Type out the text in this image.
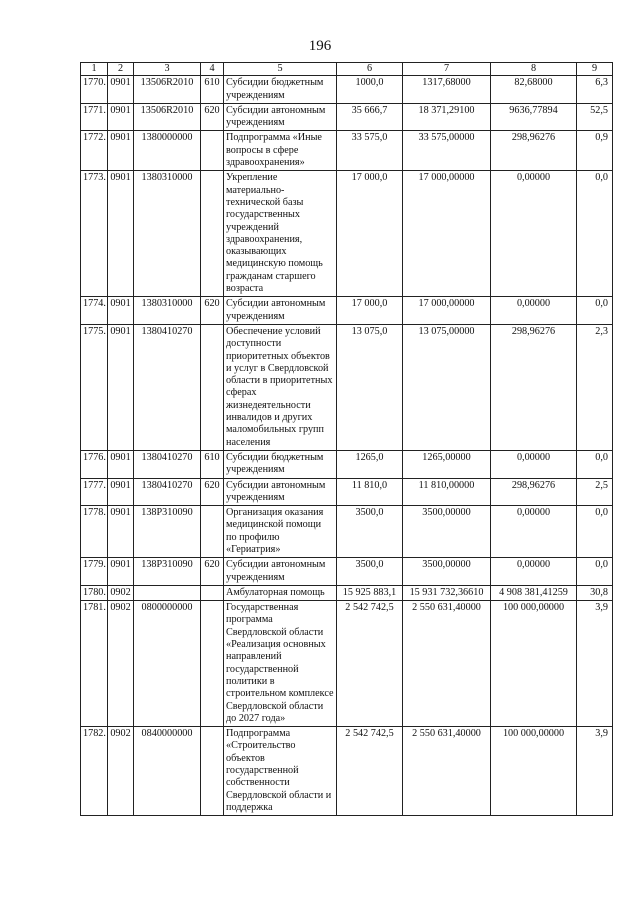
196
1	2	3	4	5	6	7	8	9
1770.	0901	13506R2010	610	Субсидии бюджетным учреждениям	1000,0	1317,68000	82,68000	6,3
1771.	0901	13506R2010	620	Субсидии автономным учреждениям	35 666,7	18 371,29100	9636,77894	52,5
1772.	0901	1380000000		Подпрограмма «Иные вопросы в сфере здравоохранения»	33 575,0	33 575,00000	298,96276	0,9
1773.	0901	1380310000		Укрепление материально-технической базы государственных учреждений здравоохранения, оказывающих медицинскую помощь гражданам старшего возраста	17 000,0	17 000,00000	0,00000	0,0
1774.	0901	1380310000	620	Субсидии автономным учреждениям	17 000,0	17 000,00000	0,00000	0,0
1775.	0901	1380410270		Обеспечение условий доступности приоритетных объектов и услуг в Свердловской области в приоритетных сферах жизнедеятельности инвалидов и других маломобильных групп населения	13 075,0	13 075,00000	298,96276	2,3
1776.	0901	1380410270	610	Субсидии бюджетным учреждениям	1265,0	1265,00000	0,00000	0,0
1777.	0901	1380410270	620	Субсидии автономным учреждениям	11 810,0	11 810,00000	298,96276	2,5
1778.	0901	138P310090		Организация оказания медицинской помощи по профилю «Гериатрия»	3500,0	3500,00000	0,00000	0,0
1779.	0901	138P310090	620	Субсидии автономным учреждениям	3500,0	3500,00000	0,00000	0,0
1780.	0902			Амбулаторная помощь	15 925 883,1	15 931 732,36610	4 908 381,41259	30,8
1781.	0902	0800000000		Государственная программа Свердловской области «Реализация основных направлений государственной политики в строительном комплексе Свердловской области до 2027 года»	2 542 742,5	2 550 631,40000	100 000,00000	3,9
1782.	0902	0840000000		Подпрограмма «Строительство объектов государственной собственности Свердловской области и поддержка	2 542 742,5	2 550 631,40000	100 000,00000	3,9
